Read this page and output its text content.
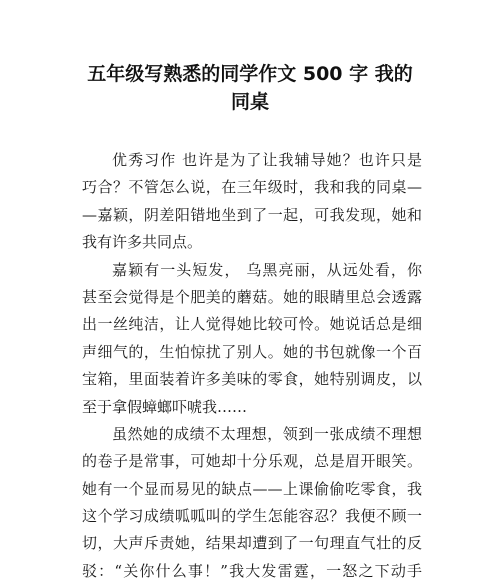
五年级写熟悉的同学作文 500 字 我的
同桌
优秀习作 也许是为了让我辅导她？也许只是
巧合？不管怎么说，在三年级时，我和我的同桌—
—嘉颖，阴差阳错地坐到了一起，可我发现，她和
我有许多共同点。
嘉颖有一头短发， 乌黑亮丽，从远处看，你
甚至会觉得是个肥美的蘑菇。她的眼睛里总会透露
出一丝纯洁，让人觉得她比较可怜。她说话总是细
声细气的，生怕惊扰了别人。她的书包就像一个百
宝箱，里面装着许多美味的零食，她特别调皮，以
至于拿假蟑螂吓唬我……
虽然她的成绩不太理想，领到一张成绩不理想
的卷子是常事，可她却十分乐观，总是眉开眼笑。
她有一个显而易见的缺点——上课偷偷吃零食，我
这个学习成绩呱呱叫的学生怎能容忍？我便不顾一
切，大声斥责她，结果却遭到了一句理直气壮的反
驳：“关你什么事！”我大发雷霆，一怒之下动手
